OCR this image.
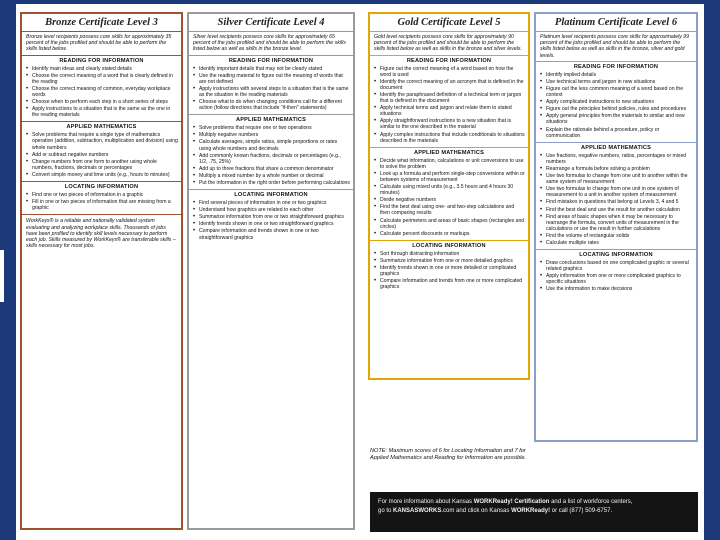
Bronze Certificate Level 3
Bronze level recipients possess core skills for approximately 35 percent of the jobs profiled and should be able to perform the skills listed below.
READING FOR INFORMATION
• Identify main ideas and clearly stated details
• Choose the correct meaning of a word that is clearly defined in the reading
• Choose the correct meaning of common, everyday workplace words
• Choose when to perform each step in a short series of steps
• Apply instructions to a situation that is the same as the one in the reading materials
APPLIED MATHEMATICS
• Solve problems that require a single type of mathematics operation (addition, subtraction, multiplication and division) using whole numbers
• Add or subtract negative numbers
• Change numbers from one form to another using whole numbers, fractions, decimals or percentages
• Convert simple money and time units (e.g., hours to minutes)
LOCATING INFORMATION
• Find one or two pieces of information in a graphic
• Fill in one or two pieces of information that are missing from a graphic
WorkKeys® is a reliable and nationally validated system evaluating and analyzing workplace skills. Thousands of jobs have been profiled to identify skill levels necessary to perform each job. Skills measured by WorkKeys® are transferable skills – skills necessary for most jobs.
Silver Certificate Level 4
Silver level recipients possess core skills for approximately 65 percent of the jobs profiled and should be able to perform the skills listed below as well as skills in the bronze level.
READING FOR INFORMATION
• Identify important details that may not be clearly stated
• Use the reading material to figure out the meaning of words that are not defined
• Apply instructions with several steps to a situation that is the same as the situation in the reading materials
• Choose what to do when changing conditions call for a different action (follow directions that include "if-then" statements)
APPLIED MATHEMATICS
• Solve problems that require one or two operations
• Multiply negative numbers
• Calculate averages, simple ratios, simple proportions or rates using whole numbers and decimals
• Add commonly known fractions, decimals or percentages (e.g., 1/2, .75, 25%)
• Add up to three fractions that share a common denominator
• Multiply a mixed number by a whole number or decimal
• Put the information in the right order before performing calculations
LOCATING INFORMATION
• Find several pieces of information in one or two graphics
• Understand how graphics are related to each other
• Summarize information from one or two straightforward graphics
• Identify trends shown in one or two straightforward graphics
• Compare information and trends shown in one or two straightforward graphics
Gold Certificate Level 5
Gold level recipients possess core skills for approximately 90 percent of the jobs profiled and should be able to perform the skills listed below as well as skills in the bronze and silver levels.
READING FOR INFORMATION
• Figure out the correct meaning of a word based on how the word is used
• Identify the correct meaning of an acronym that is defined in the document
• Identify the paraphrased definition of a technical term or jargon that is defined in the document
• Apply technical terms and jargon and relate them to stated situations
• Apply straightforward instructions to a new situation that is similar to the one described in the material
• Apply complex instructions that include conditionals to situations described in the materials
APPLIED MATHEMATICS
• Decide what information, calculations or unit conversions to use to solve the problem
• Look up a formula and perform single-step conversions within or between systems of measurement
• Calculate using mixed units (e.g., 3.5 hours and 4 hours 30 minutes)
• Divide negative numbers
• Find the best deal using one- and two-step calculations and then comparing results
• Calculate perimeters and areas of basic shapes (rectangles and circles)
• Calculate percent discounts or markups
LOCATING INFORMATION
• Sort through distracting information
• Summarize information from one or more detailed graphics
• Identify trends shown in one or more detailed or complicated graphics
• Compare information and trends from one or more complicated graphics
Platinum Certificate Level 6
Platinum level recipients possess core skills for approximately 99 percent of the jobs profiled and should be able to perform the skills listed below as well as skills in the bronze, silver and gold levels.
READING FOR INFORMATION
• Identify implied details
• Use technical terms and jargon in new situations
• Figure out the less common meaning of a word based on the context
• Apply complicated instructions to new situations
• Figure out the principles behind policies, rules and procedures
• Apply general principles from the materials to similar and new situations
• Explain the rationale behind a procedure, policy or communication
APPLIED MATHEMATICS
• Use fractions, negative numbers, ratios, percentages or mixed numbers
• Rearrange a formula before solving a problem
• Use two formulas to change from one unit to another within the same system of measurement
• Use two formulas to change from one unit in one system of measurement to a unit in another system of measurement
• Find mistakes in questions that belong at Levels 3, 4 and 5
• Find the best deal and use the result for another calculation
• Find areas of basic shapes when it may be necessary to rearrange the formula, convert units of measurement in the calculations or use the result in further calculations
• Find the volume of rectangular solids
• Calculate multiple rates
LOCATING INFORMATION
• Draw conclusions based on one complicated graphic or several related graphics
• Apply information from one or more complicated graphics to specific situations
• Use the information to make decisions
NOTE: Maximum scores of 6 for Locating Information and 7 for Applied Mathematics and Reading for Information are possible.
For more information about Kansas WORKReady! Certification and a list of workforce centers,
go to KANSASWORKS.com and click on Kansas WORKReady! or call (877) 509-6757.
